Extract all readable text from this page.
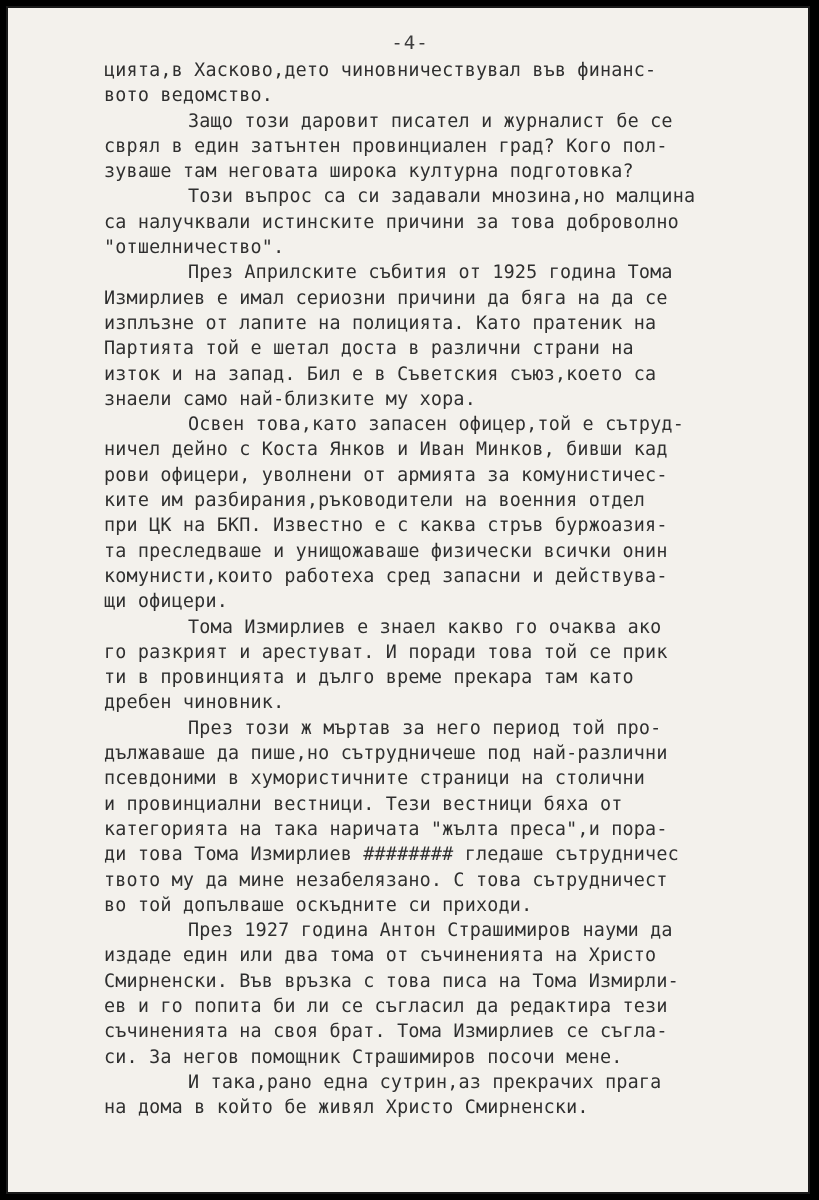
-4-
цията,в Хасково,дето чиновничествувал във финанс-
вото ведомство.
Защо този даровит писател и журналист бе се
сврял в един затънтен провинциален град? Кого пол-
зуваше там неговата широка културна подготовка?
Този въпрос са си задавали мнозина,но малцина
са налучквали истинските причини за това доброволно
"отшелничество".
През Априлските събития от 1925 година Тома
Измирлиев е имал сериозни причини да бяга на да се
изплъзне от лапите на полицията. Като пратеник на
Партията той е шетал доста в различни страни на
изток и на запад. Бил е в Съветския съюз,което са
знаели само най-близките му хора.
Освен това,като запасен офицер,той е сътруд-
ничел дейно с Коста Янков и Иван Минков, бивши кад
рови офицери, уволнени от армията за комунистичес-
ките им разбирания,ръководители на военния отдел
при ЦК на БКП. Известно е с каква стръв буржоазия-
та преследваше и унищожаваше физически всички онин
комунисти,които работеха сред запасни и действува-
щи офицери.
Тома Измирлиев е знаел какво го очаква ако
го разкрият и арестуват. И поради това той се прик
ти в провинцията и дълго време прекара там като
дребен чиновник.
През този ж мъртав за него период той про-
дължаваше да пише,но сътрудничеше под най-различни
псевдоними в хумористичните страници на столични
и провинциални вестници. Тези вестници бяха от
категорията на така наричата "жълта преса",и пора-
ди това Тома Измирлиев ######## гледаше сътрудничес
твото му да мине незабелязано. С това сътрудничест
во той допълваше оскъдните си приходи.
През 1927 година Антон Страшимиров науми да
издаде един или два тома от съчиненията на Христо
Смирненски. Във връзка с това писа на Тома Измирли-
ев и го попита би ли се съгласил да редактира тези
съчиненията на своя брат. Тома Измирлиев се съгла-
си. За негов помощник Страшимиров посочи мене.
И така,рано една сутрин,аз прекрачих прага
на дома в който бе живял Христо Смирненски.
